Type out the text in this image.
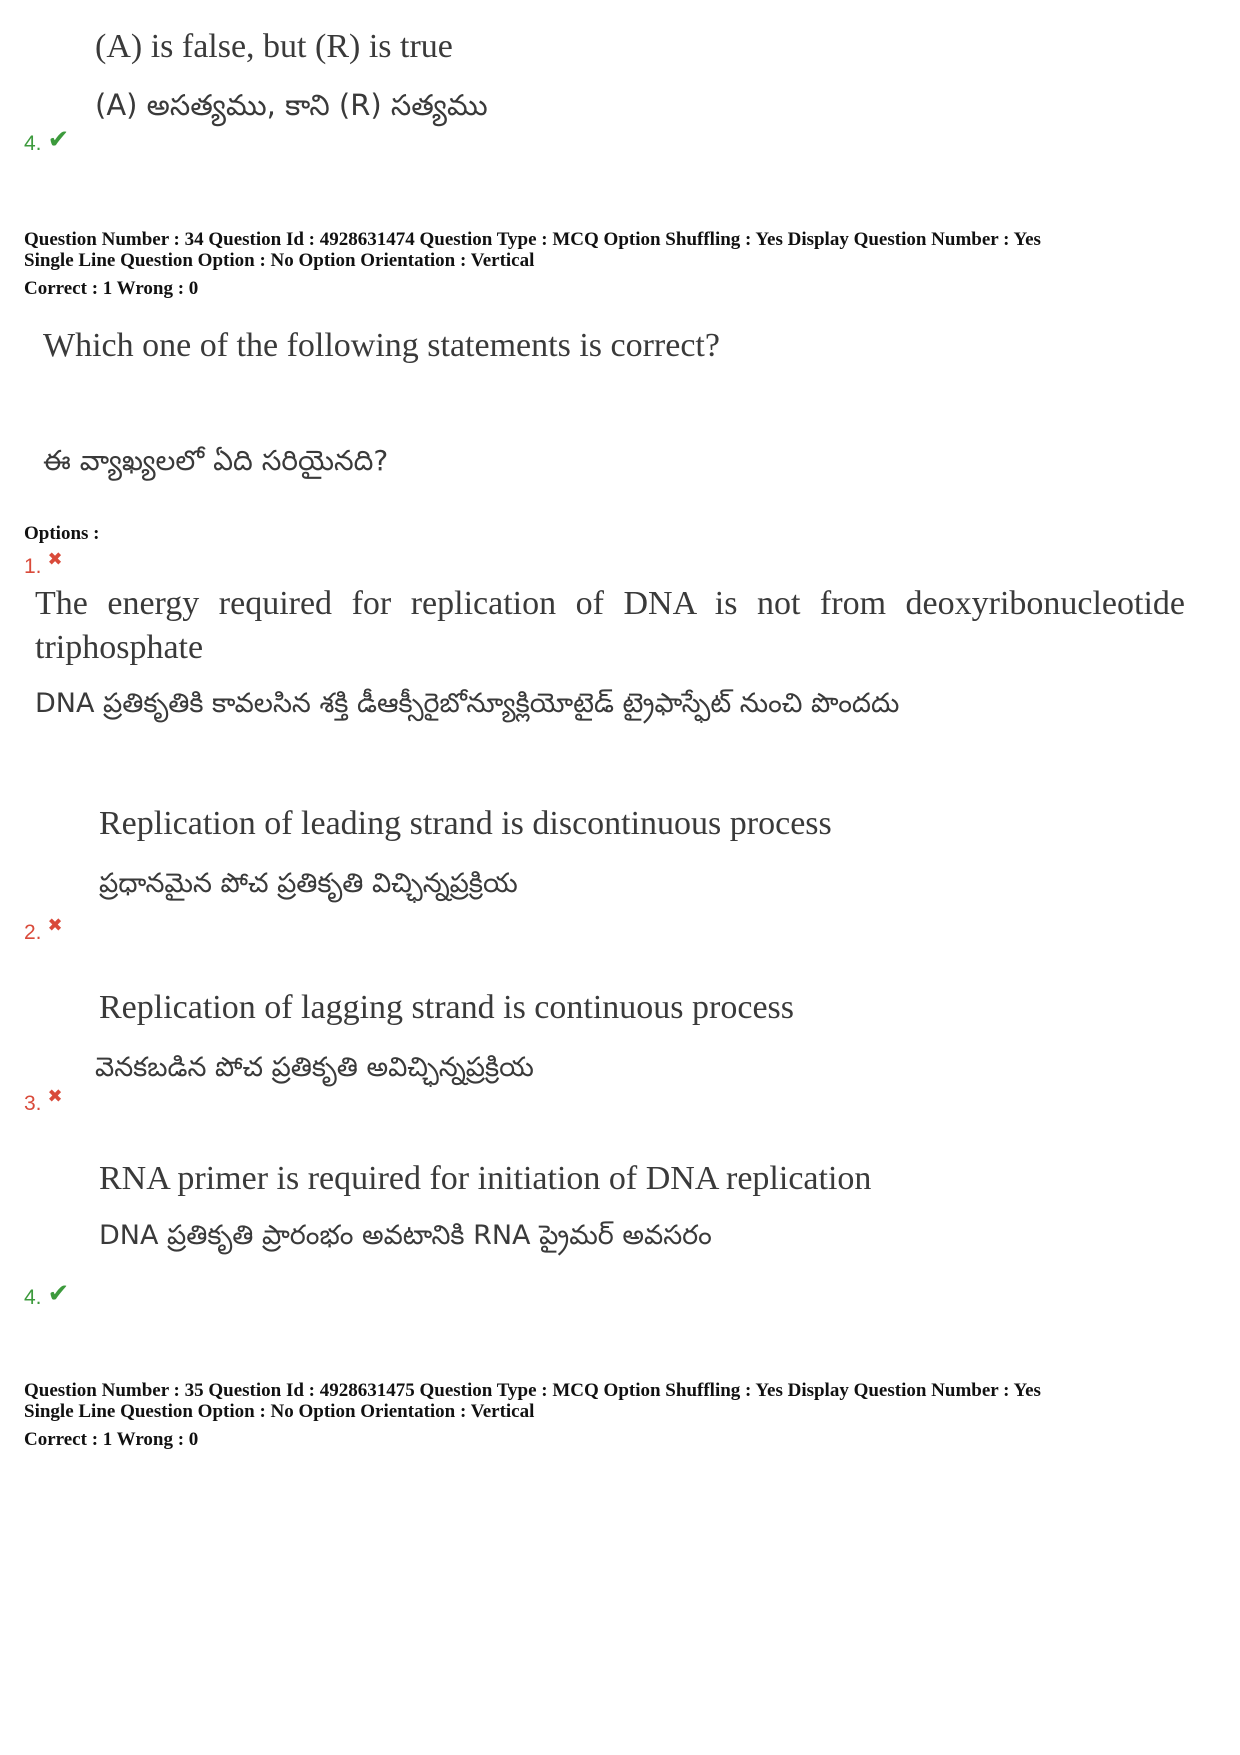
(A) is false, but (R) is true
(A) అసత్యము, కాని (R) సత్యము
4. ✔
Question Number : 34 Question Id : 4928631474 Question Type : MCQ Option Shuffling : Yes Display Question Number : Yes
Single Line Question Option : No Option Orientation : Vertical
Correct : 1 Wrong : 0
Which one of the following statements is correct?
ఈ వ్యాఖ్యలలో ఏది సరియైనది?
Options :
1. ✖
The energy required for replication of DNA is not from deoxyribonucleotide triphosphate
DNA ప్రతికృతికి కావలసిన శక్తి డీఆక్సీరైబోన్యూక్లియోటైడ్ ట్రైఫాస్ఫేట్ నుంచి పొందదు
Replication of leading strand is discontinuous process
ప్రధానమైన పోచ ప్రతికృతి విచ్ఛిన్నప్రక్రియ
2. ✖
Replication of lagging strand is continuous process
వెనకబడిన పోచ ప్రతికృతి అవిచ్ఛిన్నప్రక్రియ
3. ✖
RNA primer is required for initiation of DNA replication
DNA ప్రతికృతి ప్రారంభం అవటానికి RNA ప్రైమర్ అవసరం
4. ✔
Question Number : 35 Question Id : 4928631475 Question Type : MCQ Option Shuffling : Yes Display Question Number : Yes
Single Line Question Option : No Option Orientation : Vertical
Correct : 1 Wrong : 0
